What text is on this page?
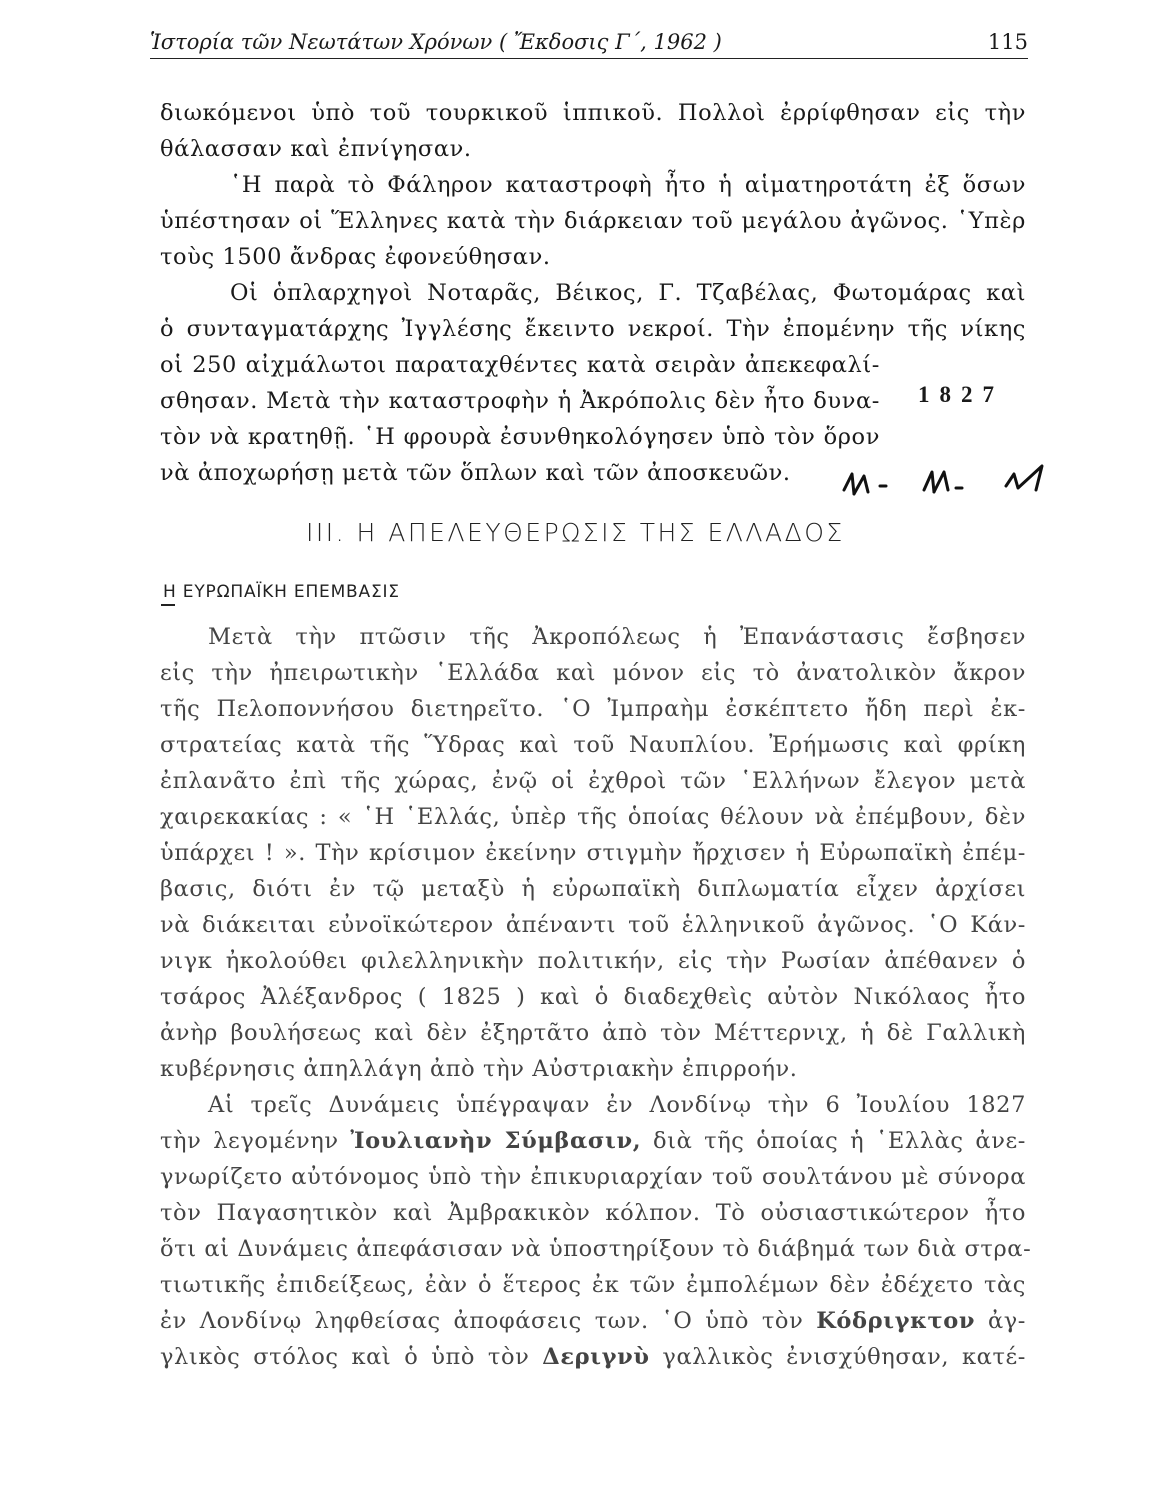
Ἱστορία τῶν Νεωτάτων Χρόνων ( Ἔκδοσις Γ΄, 1962 )	115
διωκόμενοι ὑπὸ τοῦ τουρκικοῦ ἱππικοῦ. Πολλοὶ ἐρρίφθησαν εἰς τὴν
θάλασσαν καὶ ἐπνίγησαν.
῾Η παρὰ τὸ Φάληρον καταστροφὴ ἦτο ἡ αἱματηροτάτη ἐξ ὅσων
ὑπέστησαν οἱ Ἕλληνες κατὰ τὴν διάρκειαν τοῦ μεγάλου ἀγῶνος. ῾Υπὲρ
τοὺς 1500 ἄνδρας ἐφονεύθησαν.
Οἱ ὁπλαρχηγοὶ Νοταρᾶς, Βέικος, Γ. Τζαβέλας, Φωτομάρας καὶ
ὁ συνταγματάρχης Ἰγγλέσης ἔκειντο νεκροί. Τὴν ἐπομένην τῆς νίκης
οἱ 250 αἰχμάλωτοι παραταχθέντες κατὰ σειρὰν ἀπεκεφαλί-
σθησαν. Μετὰ τὴν καταστροφὴν ἡ Ἀκρόπολις δὲν ἦτο δυνα-
τὸν νὰ κρατηθῇ. ῾Η φρουρὰ ἐσυνθηκολόγησεν ὑπὸ τὸν ὅρον
νὰ ἀποχωρήσῃ μετὰ τῶν ὅπλων καὶ τῶν ἀποσκευῶν.
1827
III. Η ΑΠΕΛΕΥΘΕΡΩΣΙΣ ΤΗΣ ΕΛΛΑΔΟΣ
Η ΕΥΡΩΠΑΪΚΗ ΕΠΕΜΒΑΣΙΣ
Μετὰ τὴν πτῶσιν τῆς Ἀκροπόλεως ἡ Ἐπανάστασις ἔσβησεν
εἰς τὴν ἠπειρωτικὴν ῾Ελλάδα καὶ μόνον εἰς τὸ ἀνατολικὸν ἄκρον
τῆς Πελοποννήσου διετηρεῖτο. ῾Ο Ἰμπραὴμ ἐσκέπτετο ἤδη περὶ ἐκ-
στρατείας κατὰ τῆς Ὕδρας καὶ τοῦ Ναυπλίου. Ἐρήμωσις καὶ φρίκη
ἐπλανᾶτο ἐπὶ τῆς χώρας, ἐνῷ οἱ ἐχθροὶ τῶν ῾Ελλήνων ἔλεγον μετὰ
χαιρεκακίας : « ῾Η ῾Ελλάς, ὑπὲρ τῆς ὁποίας θέλουν νὰ ἐπέμβουν, δὲν
ὑπάρχει ! ». Τὴν κρίσιμον ἐκείνην στιγμὴν ἤρχισεν ἡ Εὐρωπαϊκὴ ἐπέμ-
βασις, διότι ἐν τῷ μεταξὺ ἡ εὐρωπαϊκὴ διπλωματία εἶχεν ἀρχίσει
νὰ διάκειται εὐνοϊκώτερον ἀπέναντι τοῦ ἑλληνικοῦ ἀγῶνος. ῾Ο Κάν-
νιγκ ἠκολούθει φιλελληνικὴν πολιτικήν, εἰς τὴν Ρωσίαν ἀπέθανεν ὁ
τσάρος Ἀλέξανδρος ( 1825 ) καὶ ὁ διαδεχθεὶς αὐτὸν Νικόλαος ἦτο
ἀνὴρ βουλήσεως καὶ δὲν ἐξηρτᾶτο ἀπὸ τὸν Μέττερνιχ, ἡ δὲ Γαλλικὴ
κυβέρνησις ἀπηλλάγη ἀπὸ τὴν Αὐστριακὴν ἐπιρροήν.
Αἱ τρεῖς Δυνάμεις ὑπέγραψαν ἐν Λονδίνῳ τὴν 6 Ἰουλίου 1827
τὴν λεγομένην Ἰουλιανὴν Σύμβασιν, διὰ τῆς ὁποίας ἡ ῾Ελλὰς ἀνε-
γνωρίζετο αὐτόνομος ὑπὸ τὴν ἐπικυριαρχίαν τοῦ σουλτάνου μὲ σύνορα
τὸν Παγασητικὸν καὶ Ἀμβρακικὸν κόλπον. Τὸ οὐσιαστικώτερον ἦτο
ὅτι αἱ Δυνάμεις ἀπεφάσισαν νὰ ὑποστηρίξουν τὸ διάβημά των διὰ στρα-
τιωτικῆς ἐπιδείξεως, ἐὰν ὁ ἕτερος ἐκ τῶν ἐμπολέμων δὲν ἐδέχετο τὰς
ἐν Λονδίνῳ ληφθείσας ἀποφάσεις των. ῾Ο ὑπὸ τὸν Κόδριγκτον ἀγ-
γλικὸς στόλος καὶ ὁ ὑπὸ τὸν Δεριγνὺ γαλλικὸς ἐνισχύθησαν, κατέ-
